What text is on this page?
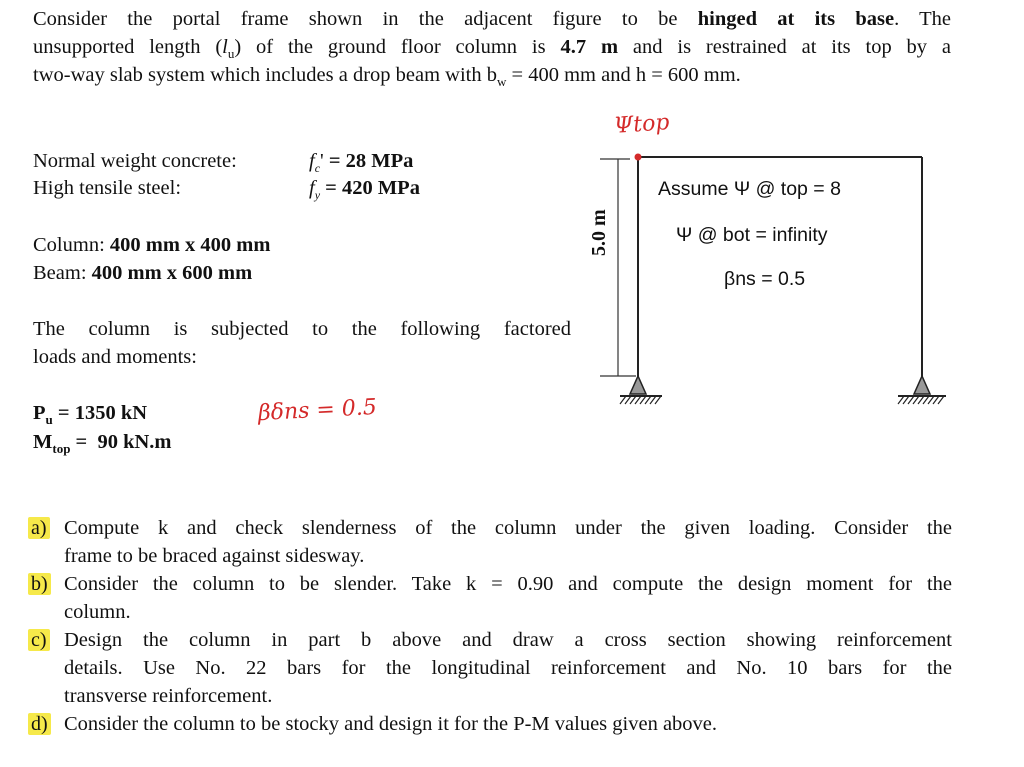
Consider the portal frame shown in the adjacent figure to be hinged at its base. The
unsupported length $(l_u)$ of the ground floor column is 4.7 m and is restrained at its top by a
two-way slab system which includes a drop beam with $b_w = 400$ mm and h = 600 mm.
Normal weight concrete:	$f_c' = 28$ MPa
High tensile steel:	$f_y = 420$ MPa
Column: 400 mm x 400 mm
Beam: 400 mm x 600 mm
The column is subjected to the following factored
loads and moments:
$P_u = 1350$ kN
$M_{top} = 90$ kN.m
βδns = 0.5
Ψtop
5.0 m
Assume Ψ @ top = 8
Ψ @ bot = infinity
βns = 0.5
a) Compute k and check slenderness of the column under the given loading. Consider the
frame to be braced against sidesway.
b) Consider the column to be slender. Take k = 0.90 and compute the design moment for the
column.
c) Design the column in part b above and draw a cross section showing reinforcement
details. Use No. 22 bars for the longitudinal reinforcement and No. 10 bars for the
transverse reinforcement.
d) Consider the column to be stocky and design it for the P-M values given above.
